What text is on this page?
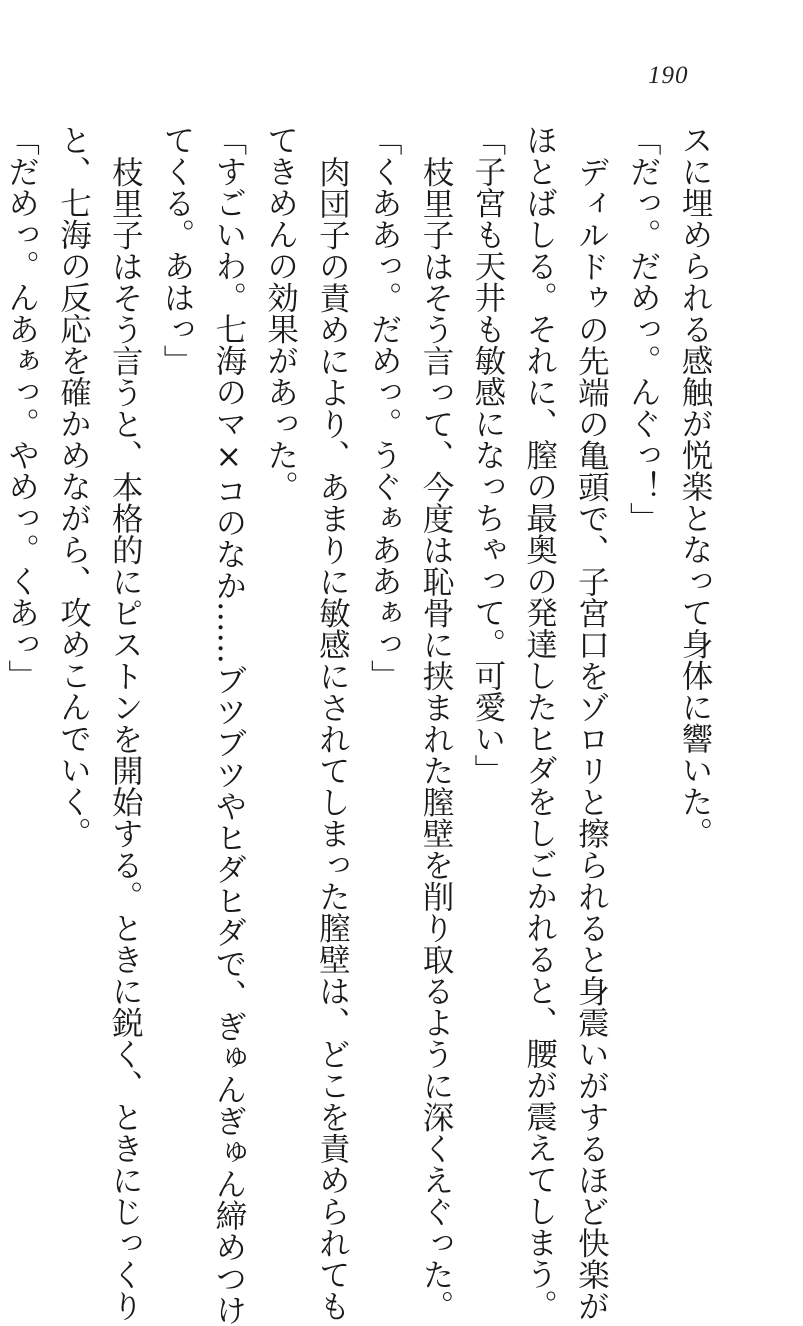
190

スに埋められる感触が悦楽となって身体に響いた。

「だっ。だめっ。んぐっ！」

ディルドゥの先端の亀頭で、子宮口をゾロリと擦られると身震いがするほど快楽が

ほとばしる。それに、膣の最奥の発達したヒダをしごかれると、腰が震えてしまう。

「子宮も天井も敏感になっちゃって。可愛い」

枝里子はそう言って、今度は恥骨に挟まれた膣壁を削り取るように深くえぐった。

「くああっ。だめっ。うぐぁああぁっ」

肉団子の責めにより、あまりに敏感にされてしまった膣壁は、どこを責められても

てきめんの効果があった。

「すごいわ。七海のマ×コのなか……ブツブツやヒダヒダで、ぎゅんぎゅん締めつけ

てくる。あはっ」

枝里子はそう言うと、本格的にピストンを開始する。ときに鋭く、ときにじっくり

と、七海の反応を確かめながら、攻めこんでいく。

「だめっ。んあぁっ。やめっ。くあっ」
